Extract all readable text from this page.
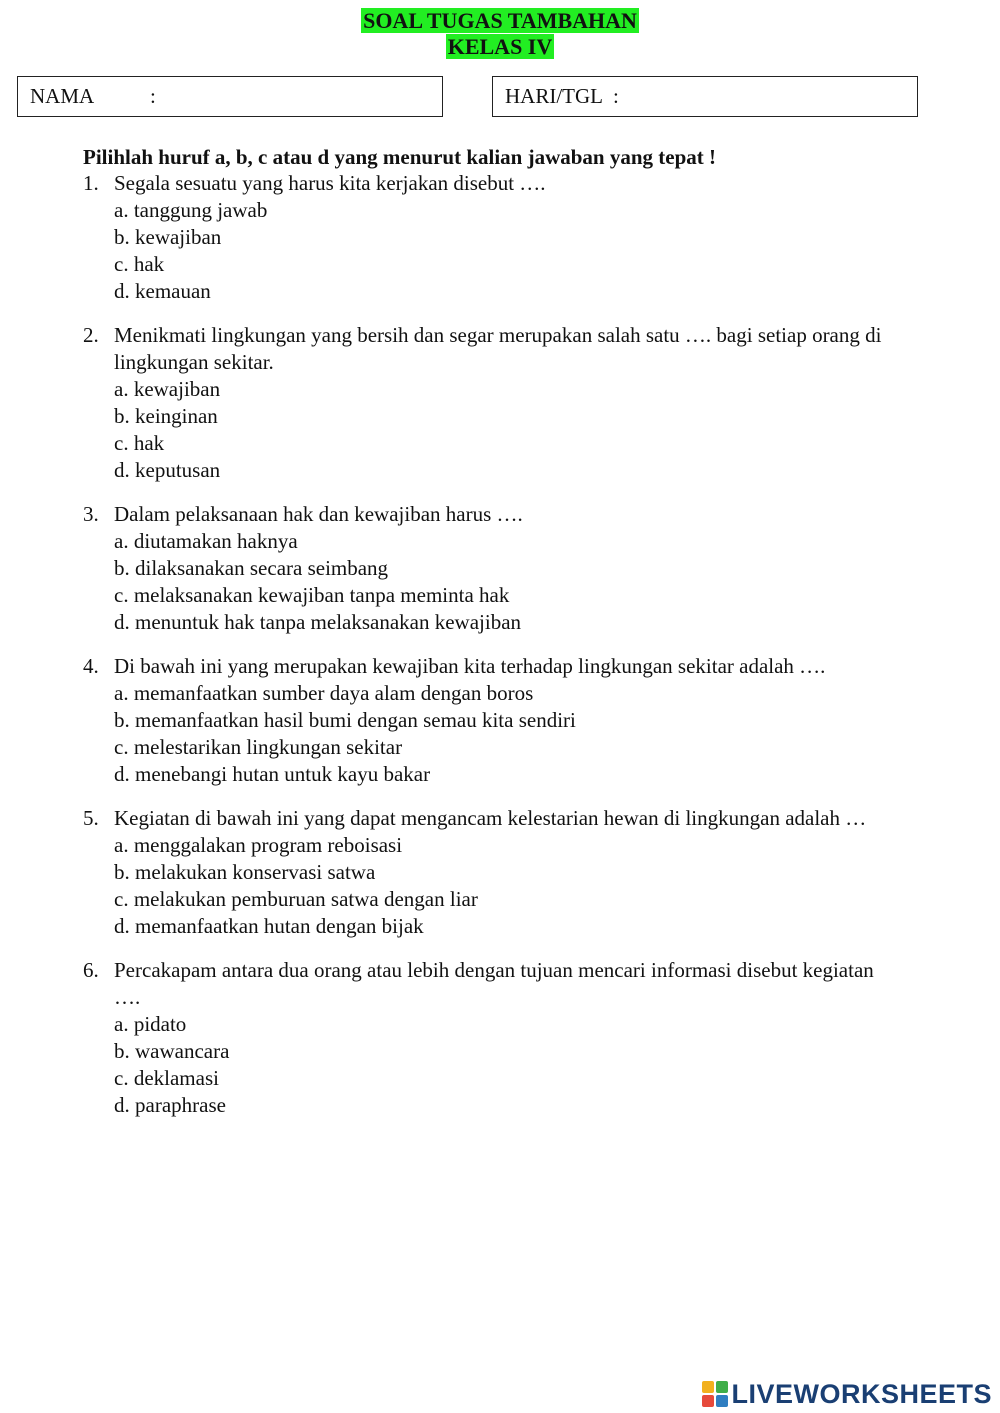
SOAL TUGAS TAMBAHAN
KELAS IV
NAMA	:	HARI/TGL :
Pilihlah huruf a, b, c atau d yang menurut kalian jawaban yang tepat !
1. Segala sesuatu yang harus kita kerjakan disebut ….
a. tanggung jawab
b. kewajiban
c. hak
d. kemauan
2. Menikmati lingkungan yang bersih dan segar merupakan salah satu …. bagi setiap orang di lingkungan sekitar.
a. kewajiban
b. keinginan
c. hak
d. keputusan
3. Dalam pelaksanaan hak dan kewajiban harus ….
a. diutamakan haknya
b. dilaksanakan secara seimbang
c. melaksanakan kewajiban tanpa meminta hak
d. menuntuk hak tanpa melaksanakan kewajiban
4. Di bawah ini yang merupakan kewajiban kita terhadap lingkungan sekitar adalah ….
a. memanfaatkan sumber daya alam dengan boros
b. memanfaatkan hasil bumi dengan semau kita sendiri
c. melestarikan lingkungan sekitar
d. menebangi hutan untuk kayu bakar
5. Kegiatan di bawah ini yang dapat mengancam kelestarian hewan di lingkungan adalah …
a. menggalakan program reboisasi
b. melakukan konservasi satwa
c. melakukan pemburuan satwa dengan liar
d. memanfaatkan hutan dengan bijak
6. Percakapam antara dua orang atau lebih dengan tujuan mencari informasi disebut kegiatan ….
a. pidato
b. wawancara
c. deklamasi
d. paraphrase
LIVEWORKSHEETS
